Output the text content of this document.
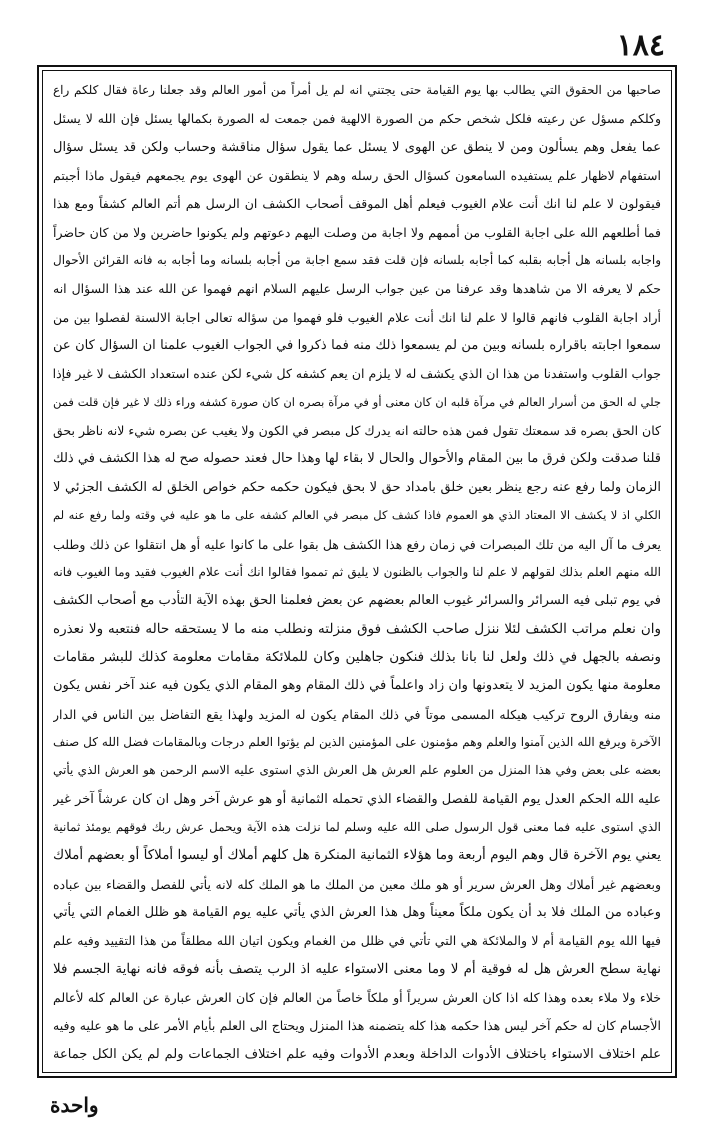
١٨٤
صاحبها من الحقوق التي يطالب بها يوم القيامة حتى يجتني انه لم يل أمراً من أمور العالم وقد جعلنا رعاة فقال كلكم راع
وكلكم مسؤل عن رعيته فلكل شخص حكم من الصورة الالهية فمن جمعت له الصورة بكمالها يسئل فإن الله لا يسئل
عما يفعل وهم يسألون ومن لا ينطق عن الهوى لا يسئل عما يقول سؤال مناقشة وحساب ولكن قد يسئل سؤال
استفهام لاظهار علم يستفيده السامعون كسؤال الحق رسله وهم لا ينطقون عن الهوى يوم يجمعهم فيقول ماذا أجبتم
فيقولون لا علم لنا انك أنت علام الغيوب فيعلم أهل الموقف أصحاب الكشف ان الرسل هم أتم العالم كشفاً ومع هذا
فما أطلعهم الله على اجابة القلوب من أممهم ولا اجابة من وصلت اليهم دعوتهم ولم يكونوا حاضرين ولا من كان حاضراً
واجابه بلسانه هل أجابه بقلبه كما أجابه بلسانه فإن قلت فقد سمع اجابة من أجابه بلسانه وما أجابه به فانه القرائن الأحوال
حكم لا يعرفه الا من شاهدها وقد عرفنا من عين جواب الرسل عليهم السلام انهم فهموا عن الله عند هذا السؤال انه
أراد اجابة القلوب فانهم قالوا لا علم لنا انك أنت علام الغيوب فلو فهموا من سؤاله تعالى اجابة الالسنة لفصلوا بين من
سمعوا اجابته باقراره بلسانه وبين من لم يسمعوا ذلك منه فما ذكروا في الجواب الغيوب علمنا ان السؤال كان عن
جواب القلوب واستفدنا من هذا ان الذي يكشف له لا يلزم ان يعم كشفه كل شيء لكن عنده استعداد الكشف لا غير فإذا
جلي له الحق من أسرار العالم في مرآة قلبه ان كان معنى أو في مرآة بصره ان كان صورة كشفه وراء ذلك لا غير فإن قلت فمن
كان الحق بصره قد سمعتك تقول فمن هذه حالته انه يدرك كل مبصر في الكون ولا يغيب عن بصره شيء لانه ناظر بحق
قلنا صدقت ولكن فرق ما بين المقام والأحوال والحال لا بقاء لها وهذا حال فعند حصوله صح له هذا الكشف في ذلك
الزمان ولما رفع عنه رجع ينظر بعين خلق بامداد حق لا بحق فيكون حكمه حكم خواص الخلق له الكشف الجزئي لا
الكلي اذ لا يكشف الا المعتاد الذي هو العموم فاذا كشف كل مبصر في العالم كشفه على ما هو عليه في وقته ولما رفع عنه لم
يعرف ما آل اليه من تلك المبصرات في زمان رفع هذا الكشف هل بقوا على ما كانوا عليه أو هل انتقلوا عن ذلك وطلب
الله منهم العلم بذلك لقولهم لا علم لنا والجواب بالظنون لا يليق ثم تمموا فقالوا انك أنت علام الغيوب فقيد وما الغيوب فانه
في يوم تبلى فيه السرائر والسرائر غيوب العالم بعضهم عن بعض فعلمنا الحق بهذه الآية التأدب مع أصحاب الكشف
وان نعلم مراتب الكشف لئلا ننزل صاحب الكشف فوق منزلته ونطلب منه ما لا يستحقه حاله فنتعبه ولا نعذره
ونصفه بالجهل في ذلك ولعل لنا بانا بذلك فنكون جاهلين وكان للملائكة مقامات معلومة كذلك للبشر مقامات
معلومة منها يكون المزيد لا يتعدونها وان زاد واعلماً في ذلك المقام وهو المقام الذي يكون فيه عند آخر نفس يكون
منه ويفارق الروح تركيب هيكله المسمى موتاً في ذلك المقام يكون له المزيد ولهذا يقع التفاضل بين الناس في الدار
الآخرة ويرفع الله الذين آمنوا والعلم وهم مؤمنون على المؤمنين الذين لم يؤتوا العلم درجات وبالمقامات فضل الله كل صنف
بعضه على بعض وفي هذا المنزل من العلوم علم العرش هل العرش الذي استوى عليه الاسم الرحمن هو العرش الذي يأتي
عليه الله الحكم العدل يوم القيامة للفصل والقضاء الذي تحمله الثمانية أو هو عرش آخر وهل ان كان عرشاً آخر غير
الذي استوى عليه فما معنى قول الرسول صلى الله عليه وسلم لما نزلت هذه الآية ويحمل عرش ربك فوقهم يومئذ ثمانية
يعني يوم الآخرة قال وهم اليوم أربعة وما هؤلاء الثمانية المنكرة هل كلهم أملاك أو ليسوا أملاكاً أو بعضهم أملاك
وبعضهم غير أملاك وهل العرش سرير أو هو ملك معين من الملك ما هو الملك كله لانه يأتي للفصل والقضاء بين عباده
وعباده من الملك فلا بد أن يكون ملكاً معيناً وهل هذا العرش الذي يأتي عليه يوم القيامة هو ظلل الغمام التي يأتي
فيها الله يوم القيامة أم لا والملائكة هي التي تأتي في ظلل من الغمام ويكون اتيان الله مطلقاً من هذا التقييد وفيه علم
نهاية سطح العرش هل له فوقية أم لا وما معنى الاستواء عليه اذ الرب يتصف بأنه فوقه فانه نهاية الجسم فلا
خلاء ولا ملاء بعده وهذا كله اذا كان العرش سريراً أو ملكاً خاصاً من العالم فإن كان العرش عبارة عن العالم كله لأعالم
الأجسام كان له حكم آخر ليس هذا حكمه هذا كله يتضمنه هذا المنزل ويحتاج الى العلم بأيام الأمر على ما هو عليه وفيه
علم اختلاف الاستواء باختلاف الأدوات الداخلة وبعدم الأدوات وفيه علم اختلاف الجماعات ولم لم يكن الكل جماعة
واحدة
